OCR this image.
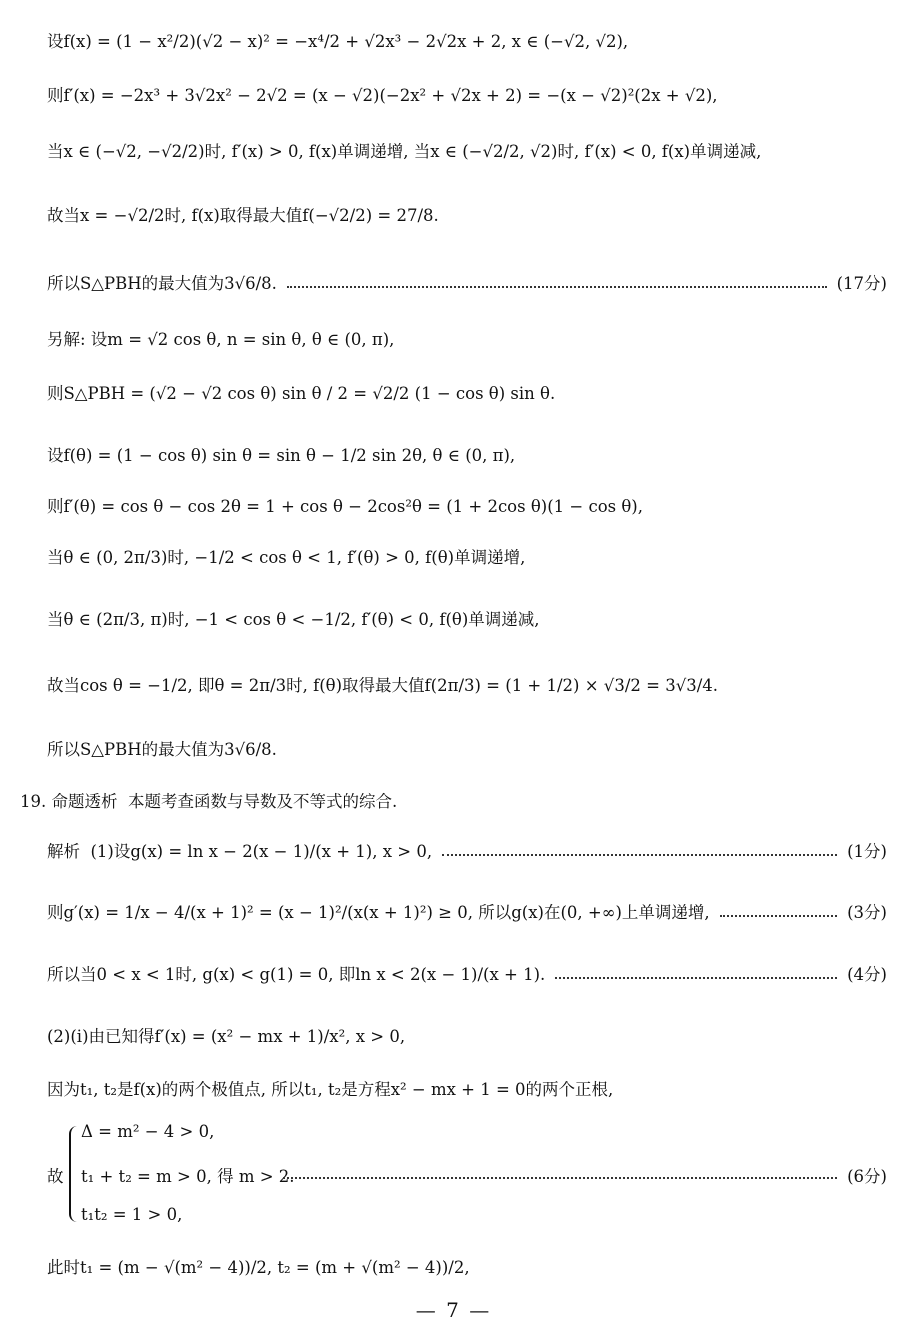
设f(x) = (1 − x²/2)(√2 − x)² = −x⁴/2 + √2x³ − 2√2x + 2, x ∈ (−√2, √2),
则f′(x) = −2x³ + 3√2x² − 2√2 = (x − √2)(−2x² + √2x + 2) = −(x − √2)²(2x + √2),
当x ∈ (−√2, −√2/2)时, f′(x) > 0, f(x)单调递增, 当x ∈ (−√2/2, √2)时, f′(x) < 0, f(x)单调递减,
故当x = −√2/2时, f(x)取得最大值f(−√2/2) = 27/8.
所以S△PBH的最大值为3√6/8.	(17分)
另解: 设m = √2 cos θ, n = sin θ, θ ∈ (0, π),
则S△PBH = (√2 − √2 cos θ) sin θ / 2 = √2/2 (1 − cos θ) sin θ.
设f(θ) = (1 − cos θ) sin θ = sin θ − 1/2 sin 2θ, θ ∈ (0, π),
则f′(θ) = cos θ − cos 2θ = 1 + cos θ − 2cos²θ = (1 + 2cos θ)(1 − cos θ),
当θ ∈ (0, 2π/3)时, −1/2 < cos θ < 1, f′(θ) > 0, f(θ)单调递增,
当θ ∈ (2π/3, π)时, −1 < cos θ < −1/2, f′(θ) < 0, f(θ)单调递减,
故当cos θ = −1/2, 即θ = 2π/3时, f(θ)取得最大值f(2π/3) = (1 + 1/2) × √3/2 = 3√3/4.
所以S△PBH的最大值为3√6/8.
19. 命题透析  本题考查函数与导数及不等式的综合.
解析  (1)设g(x) = ln x − 2(x − 1)/(x + 1), x > 0,	(1分)
则g′(x) = 1/x − 4/(x + 1)² = (x − 1)²/(x(x + 1)²) ≥ 0, 所以g(x)在(0, +∞)上单调递增,	(3分)
所以当0 < x < 1时, g(x) < g(1) = 0, 即ln x < 2(x − 1)/(x + 1).	(4分)
(2)(ⅰ)由已知得f′(x) = (x² − mx + 1)/x², x > 0,
因为t₁, t₂是f(x)的两个极值点, 所以t₁, t₂是方程x² − mx + 1 = 0的两个正根,
故
Δ = m² − 4 > 0,
t₁ + t₂ = m > 0, 得 m > 2.
t₁t₂ = 1 > 0,
(6分)
此时t₁ = (m − √(m² − 4))/2, t₂ = (m + √(m² − 4))/2,
— 7 —
